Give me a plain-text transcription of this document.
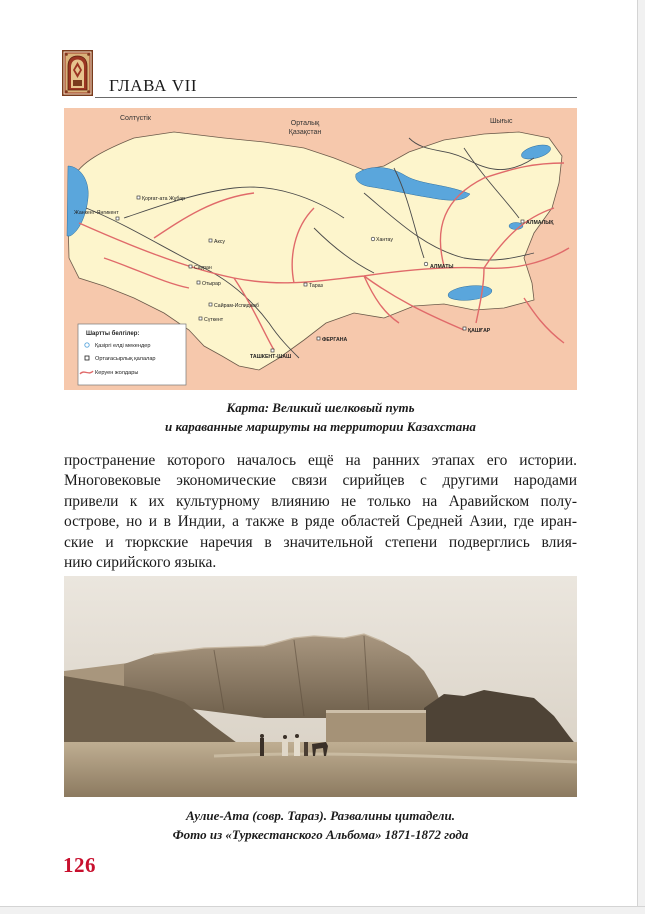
ГЛАВА VII
Солтүстік
Орталық
Қазақстан
Шығыс
Қорғат-ата Жұбар
Жанкент-Янгикент
Аксу
Сауран
Отырар
Сүткент
Сайрам-Испиджаб
Тараз
Хантау
АЛМАТЫ
АЛМАЛЫҚ
ФЕРГАНА
ТАШКЕНТ-ШАШ
ҚАШҒАР
Шартты белгілер:
Қазіргі елді мекендер
Ортағасырлық қалалар
Керуен жолдары
Карта: Великий шелковый путь
и караванные маршруты на территории Казахстана
пространение которого началось ещё на ранних этапах его истории.
Многовековые экономические связи сирийцев с другими народами
привели к их культурному влиянию не только на Аравийском полу-
острове, но и в Индии, а также в ряде областей Средней Азии, где иран-
ские и тюркские наречия в значительной степени подверглись влия-
нию сирийского языка.
Аулие-Ата (совр. Тараз). Развалины цитадели.
Фото из «Туркестанского Альбома» 1871-1872 года
126
